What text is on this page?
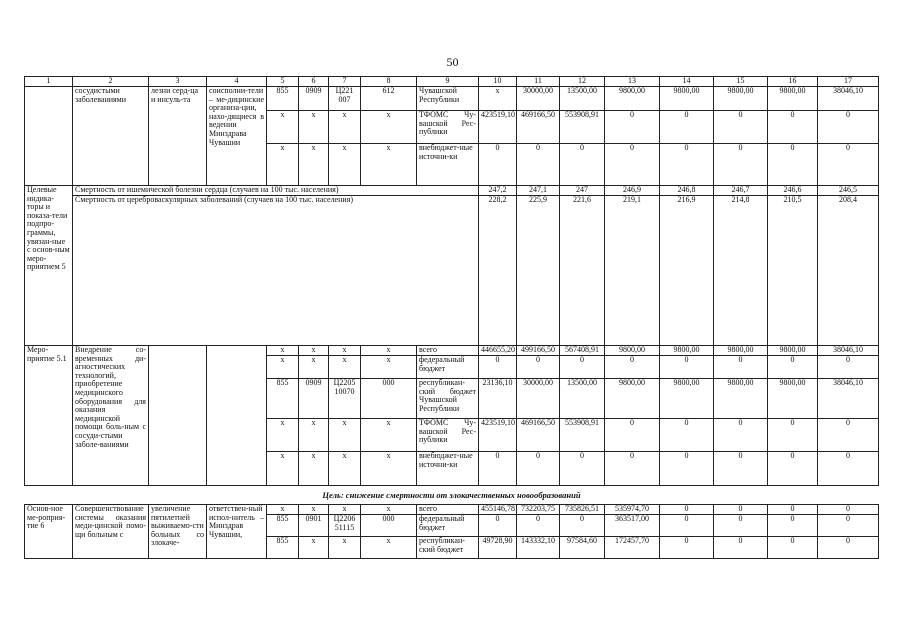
50
1	2	3	4	5	6	7	8	9	10	11	12	13	14	15	16	17
	сосудистыми заболеваниями	лезни серд-ца и инсуль-та	соисполни-тели – ме-дицинские организа-ции, нахо-дящиеся в ведении Минздрава Чувашии	855	0909	Ц221 007	612	Чувашской Республики	x	30000,00	13500,00	9800,00	9800,00	9800,00	9800,00	38046,10
				x	x	x	x	ТФОМС Чу-вашской Рес-публики	423519,10	469166,50	553908,91	0	0	0	0	0
				x	x	x	x	внебюджет-ные источни-ки	0	0	0	0	0	0	0	0
Целевые индика-торы и показа-тели подпро-граммы, увязан-ные с основ-ным меро-приятием 5	Смертность от ишемической болезни сердца (случаев на 100 тыс. населения)								247,2	247,1	247	246,9	246,8	246,7	246,6	246,5
	Смертность от цереброваскулярных заболеваний (случаев на 100 тыс. населения)								228,2	225,9	221,6	219,1	216,9	214,8	210,5	208,4
Меро-приятие 5.1	Внедрение со-временных ди-агностических технологий, приобретение медицинского оборудования для оказания медицинской помощи боль-ным с сосуди-стыми заболе-ваниями			x	x	x	x	всего	446655,20	499166,50	567408,91	9800,00	9800,00	9800,00	9800,00	38046,10
				x	x	x	x	федеральный бюджет	0	0	0	0	0	0	0	0
				855	0909	Ц2205 10070	000	республикан-ский бюджет Чувашской Республики	23136,10	30000,00	13500,00	9800,00	9800,00	9800,00	9800,00	38046,10
				x	x	x	x	ТФОМС Чу-вашской Рес-публики	423519,10	469166,50	553908,91	0	0	0	0	0
				x	x	x	x	внебюджет-ные источни-ки	0	0	0	0	0	0	0	0
Цель: снижение смертности от злокачественных новообразований																
Основ-ное ме-роприя-тие 6	Совершенствование системы оказания меди-цинской помо-щи больным с	увеличение пятилетней выживаемо-сти больных со злокаче-	ответствен-ный испол-нитель – Минздрав Чувашии,	x	x	x	x	всего	455146,78	732203,75	735826,51	535974,70	0	0	0	0
				855	0901	Ц2206 51115	000	федеральный бюджет	0	0	0	363517,00	0	0	0	0
				855	x	x	x	республикан-ский бюджет	49728,90	143332,10	97584,60	172457,70	0	0	0	0
